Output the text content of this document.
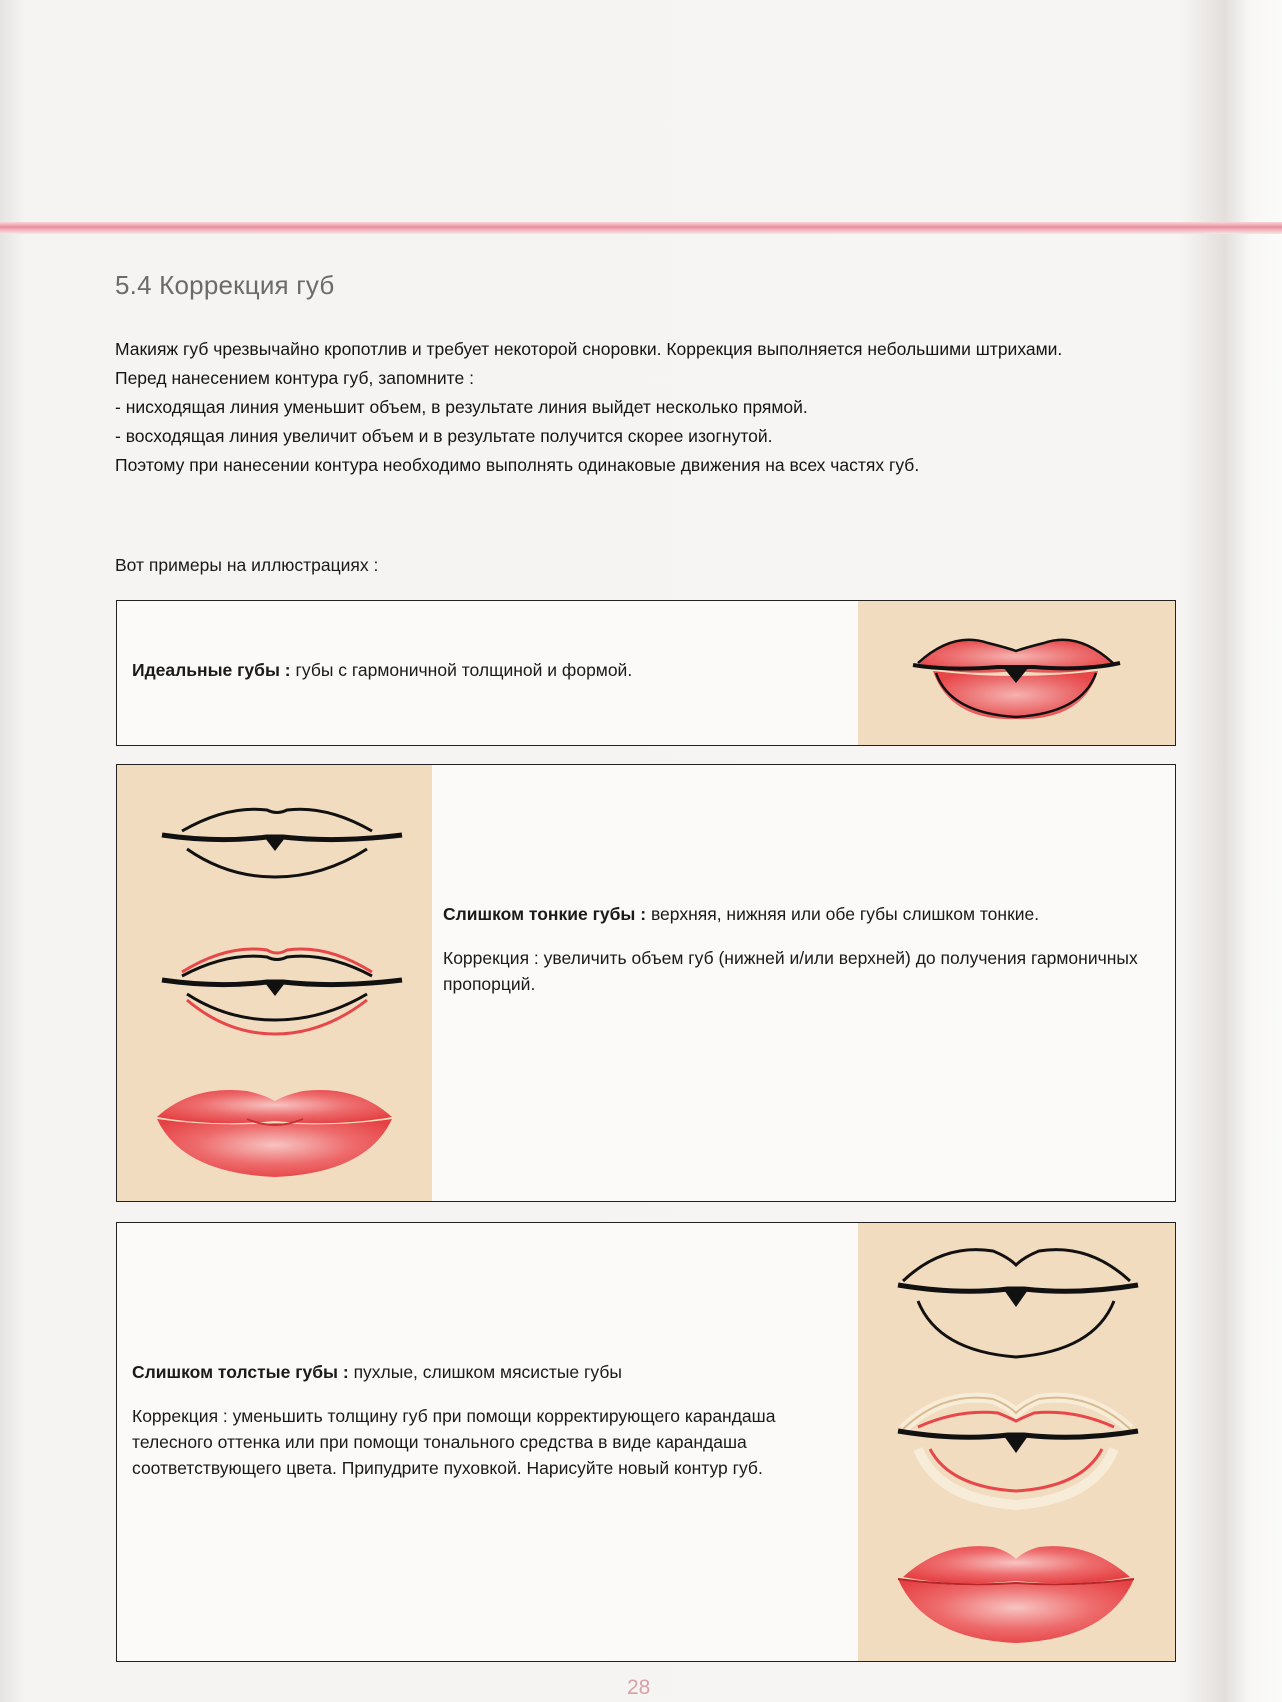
5.4 Коррекция губ
Макияж губ чрезвычайно кропотлив и требует некоторой сноровки. Коррекция выполняется небольшими штрихами.
Перед нанесением контура губ, запомните :
- нисходящая линия уменьшит объем, в результате линия выйдет несколько прямой.
- восходящая линия увеличит объем и в результате получится скорее изогнутой.
Поэтому при нанесении контура необходимо выполнять одинаковые движения на всех частях губ.
Вот примеры на иллюстрациях :
Идеальные губы : губы с гармоничной толщиной и формой.
Слишком тонкие губы : верхняя, нижняя или обе губы слишком тонкие.
Коррекция : увеличить объем губ (нижней и/или верхней) до получения гармоничных пропорций.
Слишком толстые губы : пухлые, слишком мясистые губы
Коррекция : уменьшить толщину губ при помощи корректирующего карандаша телесного оттенка или при помощи тонального средства в виде карандаша соответствующего цвета. Припудрите пуховкой. Нарисуйте новый контур губ.
28
